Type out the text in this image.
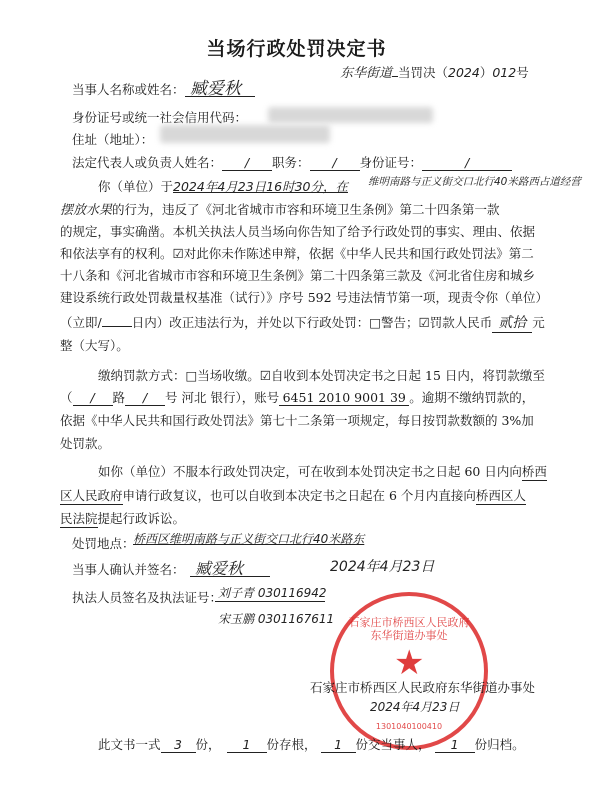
当场行政处罚决定书
东华街道 当罚决（2024）012号
当事人名称或姓名： 臧爱秋
身份证号或统一社会信用代码：
住址（地址）：
法定代表人或负责人姓名： / 职务： / 身份证号：	/
你（单位）于2024年4月23日16时30分，在 维明南路与正义街交口北行40米路西占道经营
摆放水果的行为，违反了《河北省城市市容和环境卫生条例》第二十四条第一款
的规定，事实确凿。本机关执法人员当场向你告知了给予行政处罚的事实、理由、依据
和依法享有的权利。☑对此你未作陈述申辩，依据《中华人民共和国行政处罚法》第二
十八条和《河北省城市市容和环境卫生条例》第二十四条第三款及《河北省住房和城乡
建设系统行政处罚裁量权基准（试行）》序号 592 号违法情节第一项，现责令你（单位）
（立即/ 日内）改正违法行为，并处以下行政处罚：□警告；☑罚款人民币 贰拾 元
整（大写）。
缴纳罚款方式：□当场收缴。☑自收到本处罚决定书之日起 15 日内，将罚款缴至
（ / 路 / 号 河北 银行），账号 6451 2010 9001 39 。逾期不缴纳罚款的，
依据《中华人民共和国行政处罚法》第七十二条第一项规定，每日按罚款数额的 3%加
处罚款。
如你（单位）不服本行政处罚决定，可在收到本处罚决定书之日起 60 日内向桥西
区人民政府申请行政复议，也可以自收到本决定书之日起在 6 个月内直接向桥西区人
民法院提起行政诉讼。
处罚地点：
桥西区维明南路与正义街交口北行40米路东
当事人确认并签名： 臧爱秋	2024年4月23日
执法人员签名及执法证号：
刘子青 030116942
宋玉鹏 0301167611
★
石家庄市桥西区人民政府东华街道办事处
1301040100410
石家庄市桥西区人民政府东华街道办事处
2024年4月23日
此文书一式 3 份， 1 份存根， 1 份交当事人， 1 份归档。
